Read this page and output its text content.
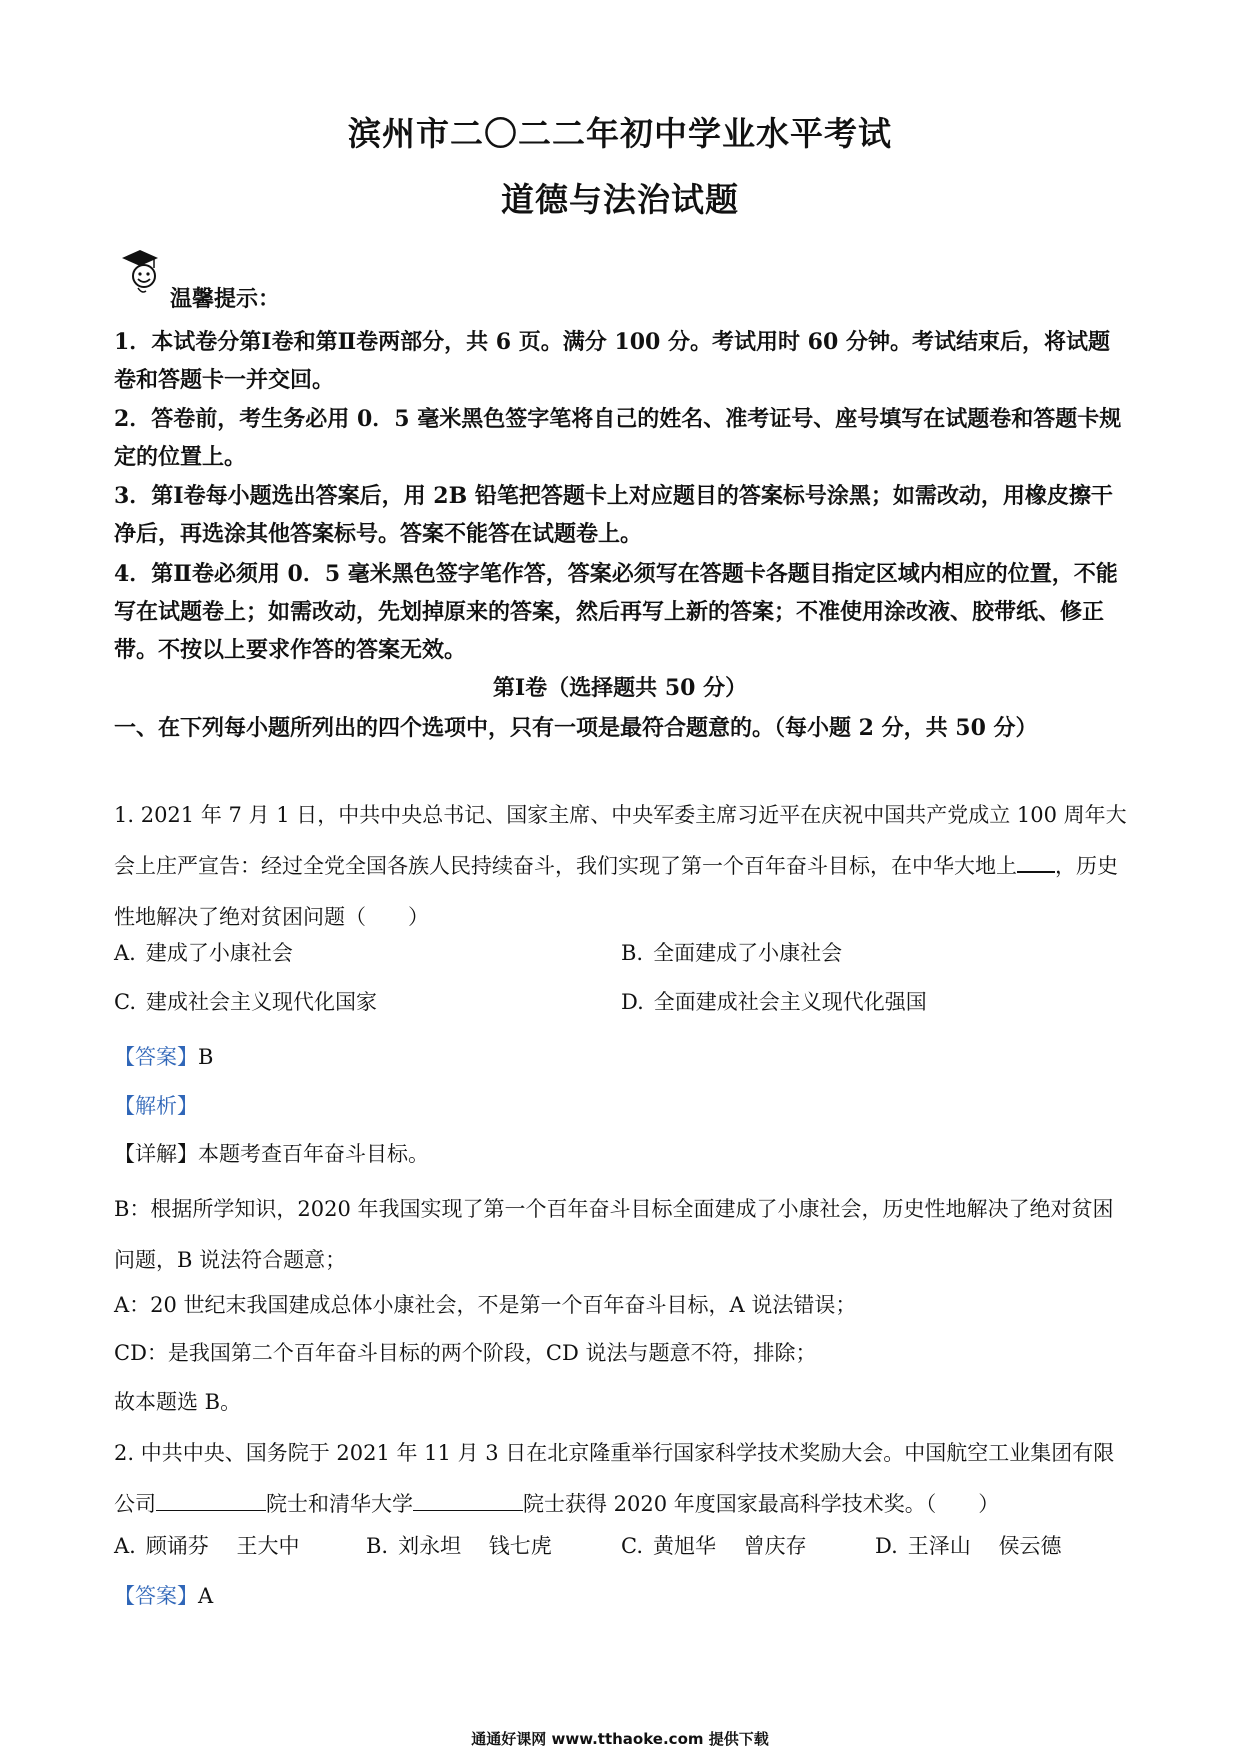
滨州市二〇二二年初中学业水平考试
道德与法治试题
温馨提示：

1．本试卷分第Ⅰ卷和第Ⅱ卷两部分，共 6 页。满分 100 分。考试用时 60 分钟。考试结束后，将试题卷和答题卡一并交回。

2．答卷前，考生务必用 0．5 毫米黑色签字笔将自己的姓名、准考证号、座号填写在试题卷和答题卡规定的位置上。

3．第Ⅰ卷每小题选出答案后，用 2B 铅笔把答题卡上对应题目的答案标号涂黑；如需改动，用橡皮擦干净后，再选涂其他答案标号。答案不能答在试题卷上。

4．第Ⅱ卷必须用 0．5 毫米黑色签字笔作答，答案必须写在答题卡各题目指定区域内相应的位置，不能写在试题卷上；如需改动，先划掉原来的答案，然后再写上新的答案；不准使用涂改液、胶带纸、修正带。不按以上要求作答的答案无效。

第Ⅰ卷（选择题共 50 分）

一、在下列每小题所列出的四个选项中，只有一项是最符合题意的。（每小题 2 分，共 50 分）

1. 2021 年 7 月 1 日，中共中央总书记、国家主席、中央军委主席习近平在庆祝中国共产党成立 100 周年大会上庄严宣告：经过全党全国各族人民持续奋斗，我们实现了第一个百年奋斗目标，在中华大地上 ，历史性地解决了绝对贫困问题（　　）

A. 建成了小康社会	B. 全面建成了小康社会
C. 建成社会主义现代化国家	D. 全面建成社会主义现代化强国

【答案】B

【解析】

【详解】本题考查百年奋斗目标。

B：根据所学知识，2020 年我国实现了第一个百年奋斗目标全面建成了小康社会，历史性地解决了绝对贫困问题，B 说法符合题意；

A：20 世纪末我国建成总体小康社会，不是第一个百年奋斗目标，A 说法错误；

CD：是我国第二个百年奋斗目标的两个阶段，CD 说法与题意不符，排除；

故本题选 B。

2. 中共中央、国务院于 2021 年 11 月 3 日在北京隆重举行国家科学技术奖励大会。中国航空工业集团有限公司	院士和清华大学	院士获得 2020 年度国家最高科学技术奖。（　　）

A. 顾诵芬　 王大中	B. 刘永坦　 钱七虎	C. 黄旭华　 曾庆存	D. 王泽山　 侯云德

【答案】A

通通好课网 www.tthaoke.com 提供下载
